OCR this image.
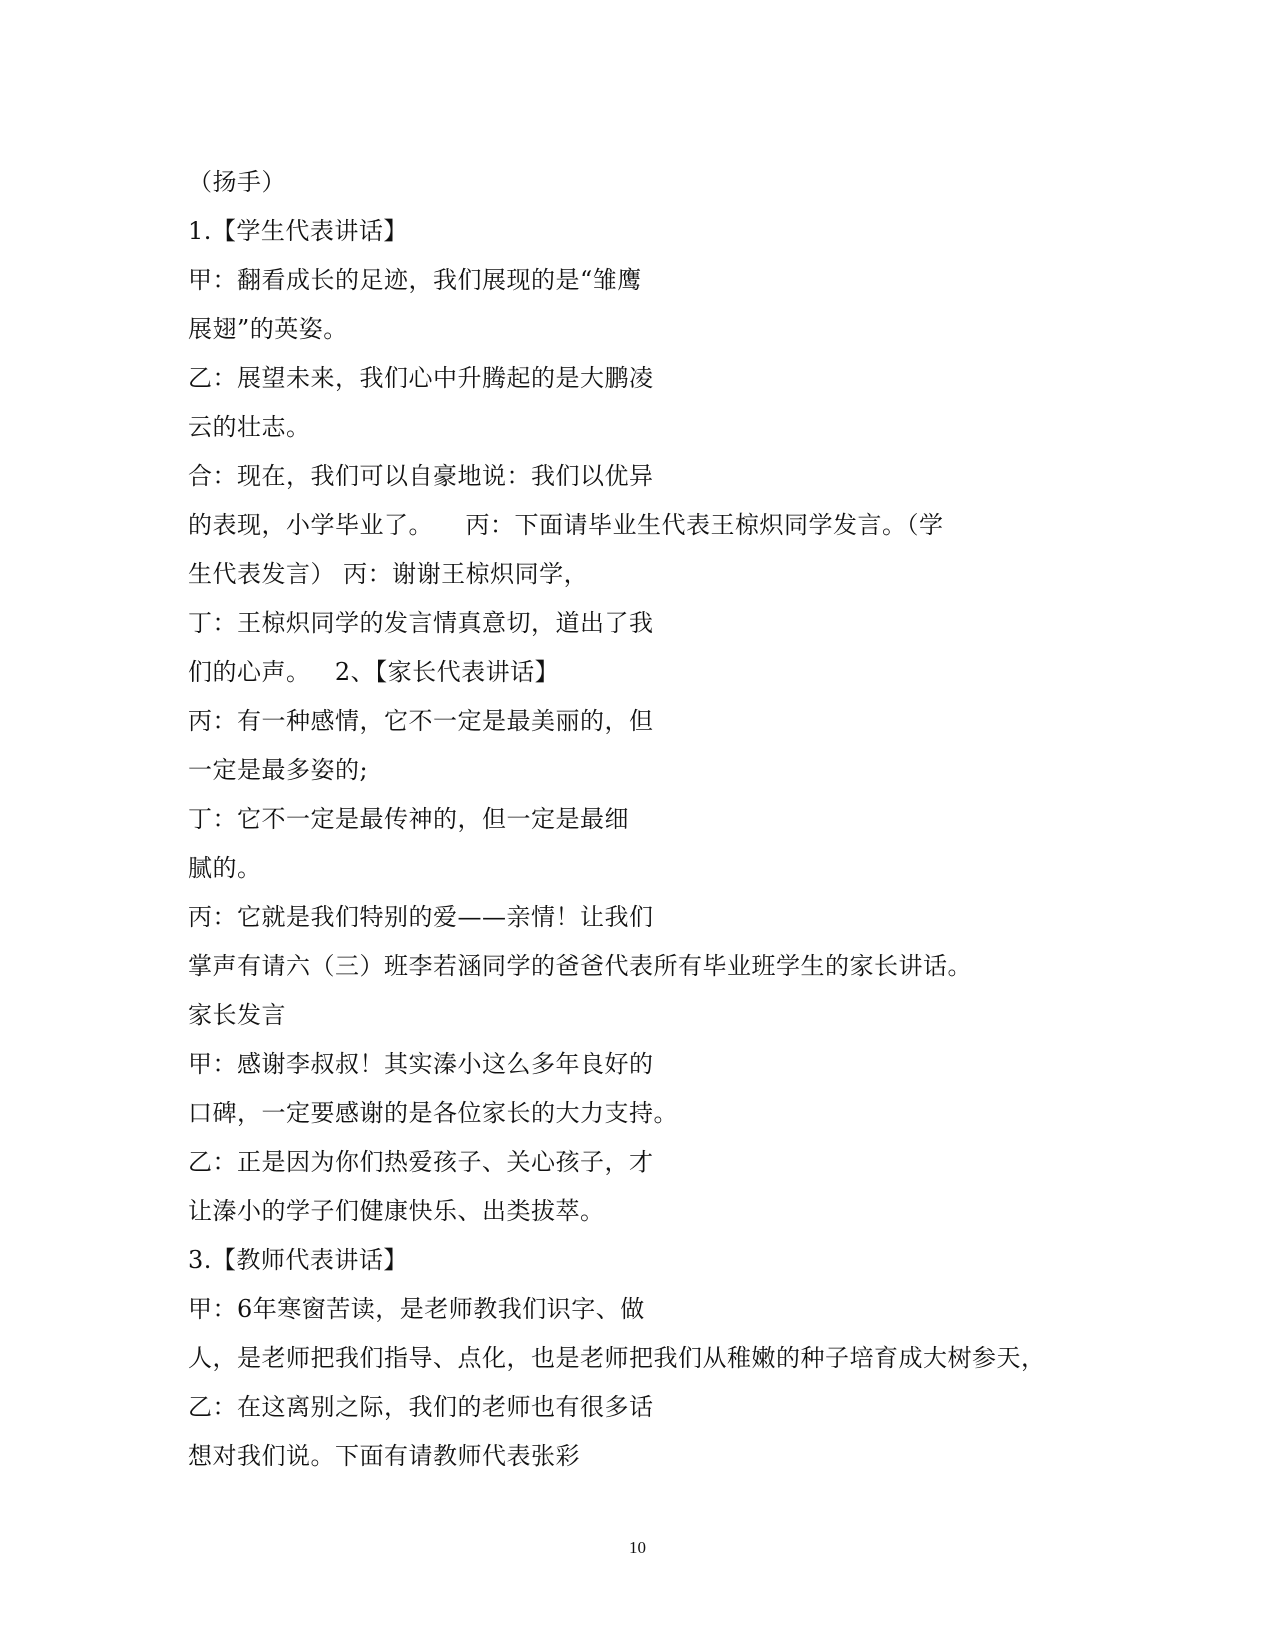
（扬手）
1.【学生代表讲话】
甲：翻看成长的足迹，我们展现的是“雏鹰
展翅”的英姿。
乙：展望未来，我们心中升腾起的是大鹏凌
云的壮志。
合：现在，我们可以自豪地说：我们以优异
的表现，小学毕业了。    丙：下面请毕业生代表王椋炽同学发言。（学
生代表发言） 丙：谢谢王椋炽同学，
丁：王椋炽同学的发言情真意切，道出了我
们的心声。   2、【家长代表讲话】
丙：有一种感情，它不一定是最美丽的，但
一定是最多姿的;
丁：它不一定是最传神的，但一定是最细
腻的。
丙：它就是我们特别的爱——亲情！让我们
掌声有请六（三）班李若涵同学的爸爸代表所有毕业班学生的家长讲话。
家长发言
甲：感谢李叔叔！其实溱小这么多年良好的
口碑，一定要感谢的是各位家长的大力支持。
乙：正是因为你们热爱孩子、关心孩子，才
让溱小的学子们健康快乐、出类拔萃。
3.【教师代表讲话】
甲：6年寒窗苦读，是老师教我们识字、做
人，是老师把我们指导、点化，也是老师把我们从稚嫩的种子培育成大树参天，
乙：在这离别之际，我们的老师也有很多话
想对我们说。下面有请教师代表张彩
10
